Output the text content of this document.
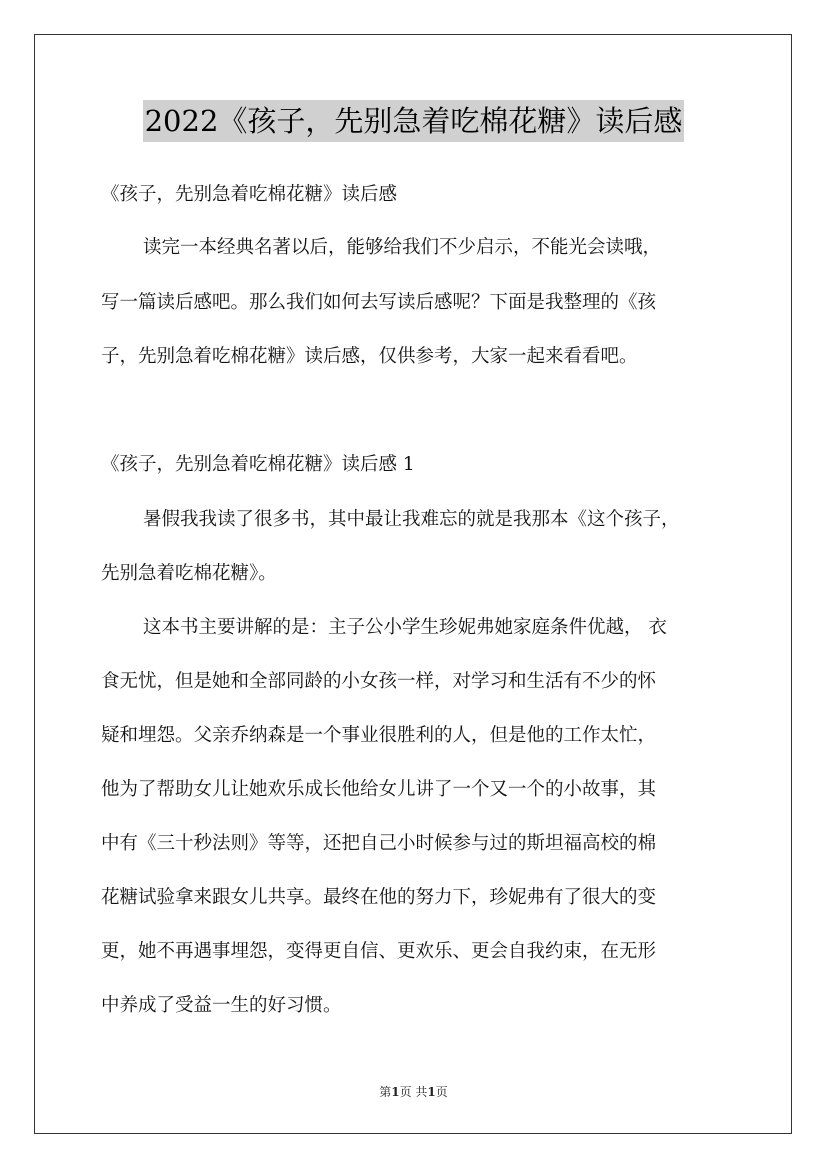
2022《孩子，先别急着吃棉花糖》读后感
《孩子，先别急着吃棉花糖》读后感
读完一本经典名著以后，能够给我们不少启示，不能光会读哦，
写一篇读后感吧。那么我们如何去写读后感呢？下面是我整理的《孩
子，先别急着吃棉花糖》读后感，仅供参考，大家一起来看看吧。
《孩子，先别急着吃棉花糖》读后感 1
暑假我我读了很多书，其中最让我难忘的就是我那本《这个孩子，
先别急着吃棉花糖》。
这本书主要讲解的是：主子公小学生珍妮弗她家庭条件优越， 衣
食无忧，但是她和全部同龄的小女孩一样，对学习和生活有不少的怀
疑和埋怨。父亲乔纳森是一个事业很胜利的人，但是他的工作太忙，
他为了帮助女儿让她欢乐成长他给女儿讲了一个又一个的小故事，其
中有《三十秒法则》等等，还把自己小时候参与过的斯坦福高校的棉
花糖试验拿来跟女儿共享。最终在他的努力下，珍妮弗有了很大的变
更，她不再遇事埋怨，变得更自信、更欢乐、更会自我约束，在无形
中养成了受益一生的好习惯。
第1页 共1页
